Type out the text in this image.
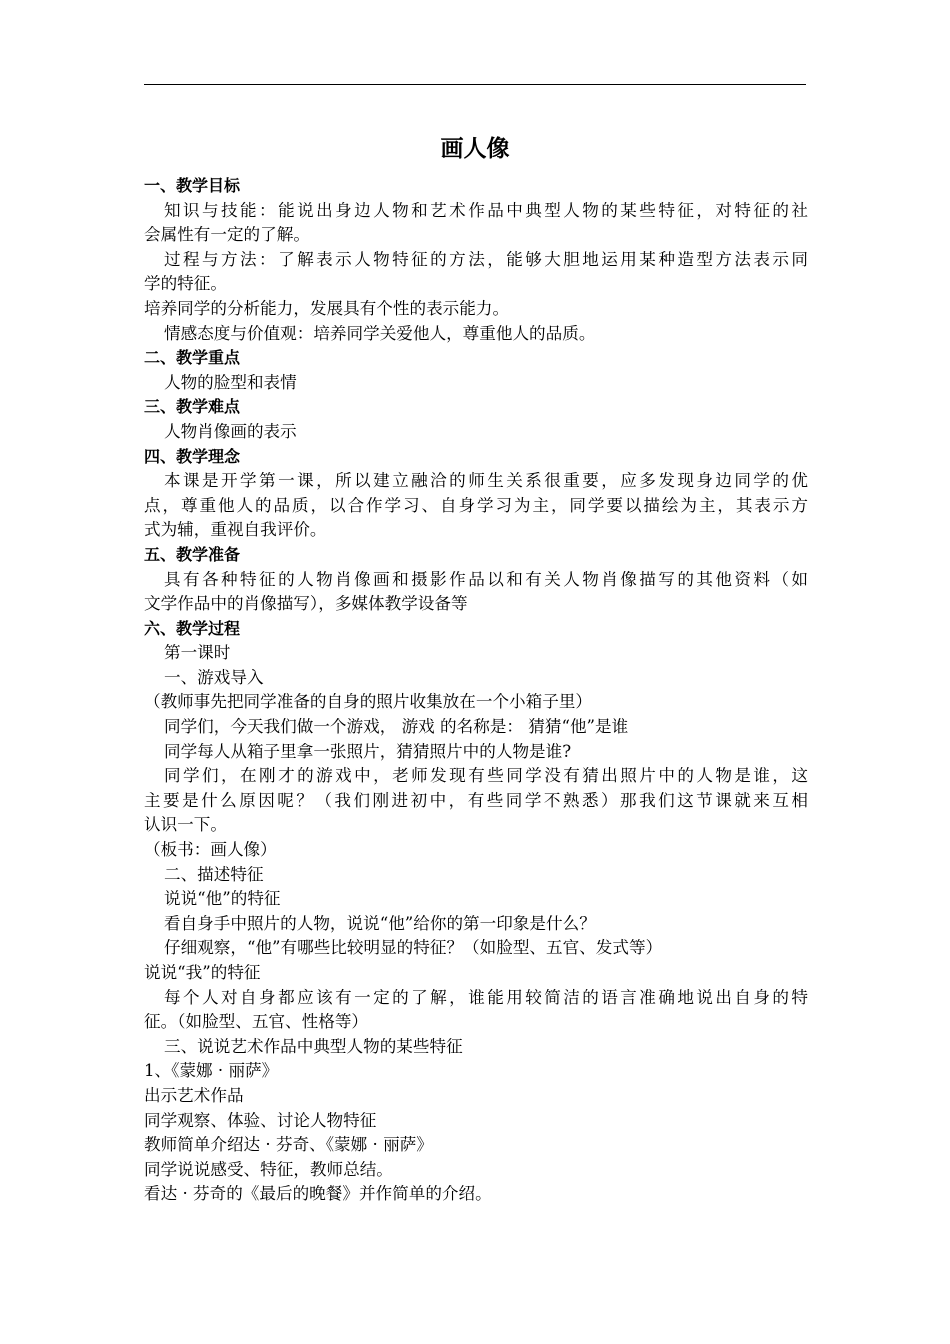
画人像
一、教学目标
知识与技能：能说出身边人物和艺术作品中典型人物的某些特征，对特征的社
会属性有一定的了解。
过程与方法：了解表示人物特征的方法，能够大胆地运用某种造型方法表示同
学的特征。
培养同学的分析能力，发展具有个性的表示能力。
情感态度与价值观：培养同学关爱他人，尊重他人的品质。
二、教学重点
人物的脸型和表情
三、教学难点
人物肖像画的表示
四、教学理念
本课是开学第一课，所以建立融洽的师生关系很重要，应多发现身边同学的优
点，尊重他人的品质，以合作学习、自身学习为主，同学要以描绘为主，其表示方
式为辅，重视自我评价。
五、教学准备
具有各种特征的人物肖像画和摄影作品以和有关人物肖像描写的其他资料（如
文学作品中的肖像描写），多媒体教学设备等
六、教学过程
第一课时
一、游戏导入
（教师事先把同学准备的自身的照片收集放在一个小箱子里）
同学们，今天我们做一个游戏， 游戏 的名称是： 猜猜“他”是谁
同学每人从箱子里拿一张照片，猜猜照片中的人物是谁?
同学们，在刚才的游戏中，老师发现有些同学没有猜出照片中的人物是谁，这
主要是什么原因呢？（我们刚进初中，有些同学不熟悉）那我们这节课就来互相
认识一下。
（板书：画人像）
二、描述特征
说说“他”的特征
看自身手中照片的人物，说说“他”给你的第一印象是什么？
仔细观察，“他”有哪些比较明显的特征？（如脸型、五官、发式等）
说说“我”的特征
每个人对自身都应该有一定的了解，谁能用较简洁的语言准确地说出自身的特
征。（如脸型、五官、性格等）
三、说说艺术作品中典型人物的某些特征
1、《蒙娜 · 丽萨》
出示艺术作品
同学观察、体验、讨论人物特征
教师简单介绍达 · 芬奇、《蒙娜 · 丽萨》
同学说说感受、特征，教师总结。
看达 · 芬奇的《最后的晚餐》并作简单的介绍。
